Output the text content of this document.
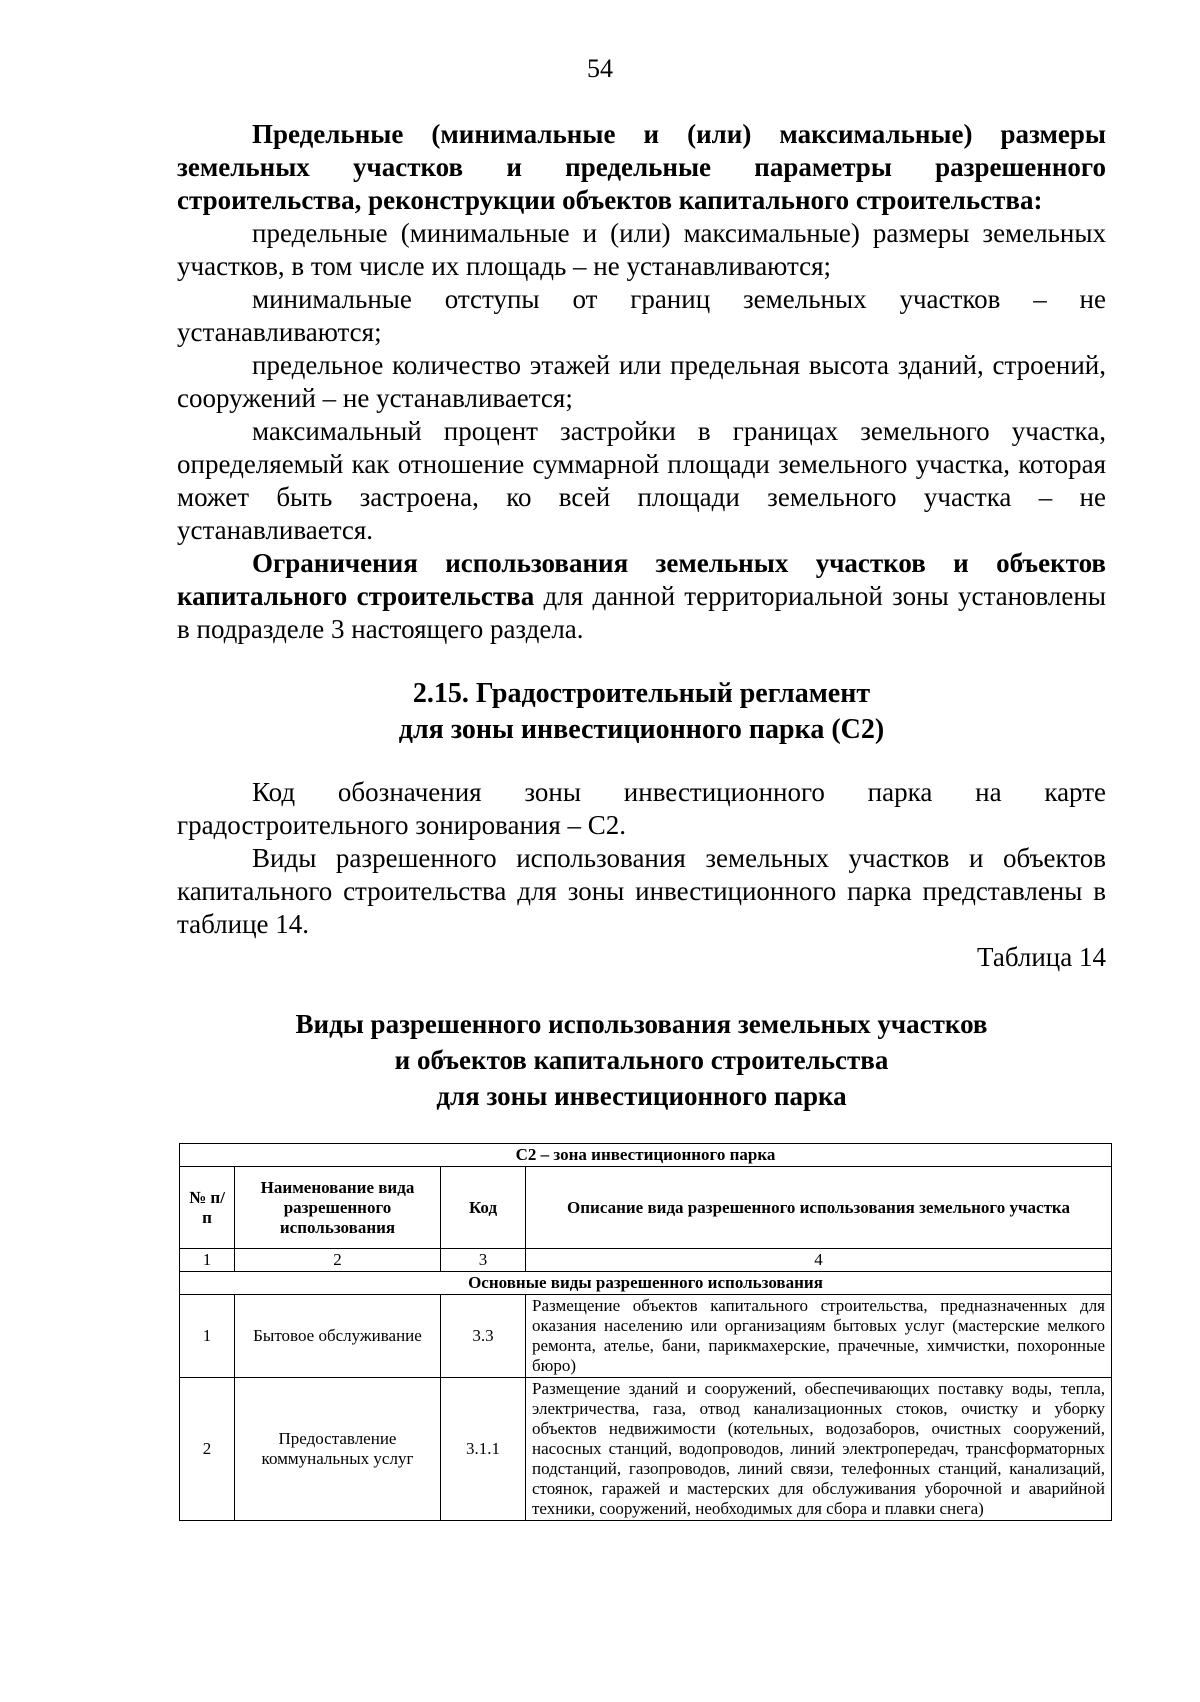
54

Предельные (минимальные и (или) максимальные) размеры земельных участков и предельные параметры разрешенного строительства, реконструкции объектов капитального строительства:

предельные (минимальные и (или) максимальные) размеры земельных участков, в том числе их площадь – не устанавливаются;

минимальные отступы от границ земельных участков – не устанавливаются;

предельное количество этажей или предельная высота зданий, строений, сооружений – не устанавливается;

максимальный процент застройки в границах земельного участка, определяемый как отношение суммарной площади земельного участка, которая может быть застроена, ко всей площади земельного участка – не устанавливается.

Ограничения использования земельных участков и объектов капитального строительства для данной территориальной зоны установлены в подразделе 3 настоящего раздела.

2.15. Градостроительный регламент

для зоны инвестиционного парка (С2)

Код обозначения зоны инвестиционного парка на карте градостроительного зонирования – С2.

Виды разрешенного использования земельных участков и объектов капитального строительства для зоны инвестиционного парка представлены в таблице 14.

Таблица 14

Виды разрешенного использования земельных участков
и объектов капитального строительства
для зоны инвестиционного парка
С2 – зона инвестиционного парка			
№ п/п	Наименование вида разрешенного использования	Код	Описание вида разрешенного использования земельного участка
1	2	3	4
Основные виды разрешенного использования			
1	Бытовое обслуживание	3.3	Размещение объектов капитального строительства, предназначенных для оказания населению или организациям бытовых услуг (мастерские мелкого ремонта, ателье, бани, парикмахерские, прачечные, химчистки, похоронные бюро)
2	Предоставление коммунальных услуг	3.1.1	Размещение зданий и сооружений, обеспечивающих поставку воды, тепла, электричества, газа, отвод канализационных стоков, очистку и уборку объектов недвижимости (котельных, водозаборов, очистных сооружений, насосных станций, водопроводов, линий электропередач, трансформаторных подстанций, газопроводов, линий связи, телефонных станций, канализаций, стоянок, гаражей и мастерских для обслуживания уборочной и аварийной техники, сооружений, необходимых для сбора и плавки снега)
